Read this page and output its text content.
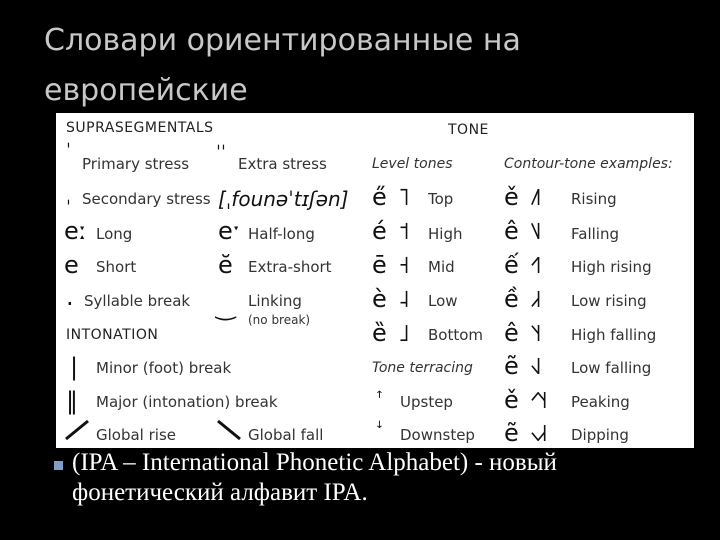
Словари ориентированные на европейские
SUPRASEGMENTALS
ˈ
Primary stress
ˌ Secondary stress
eː Long
e Short
. Syllable break
ˈˈ
Extra stress
[ˌfounəˈtɪʃən]
eˑ Half-long
ĕ Extra-short
‿ Linking
(no break)
INTONATION
| Minor (foot) break
‖ Major (intonation) break
Global rise	Global fall
TONE
Level tones	Contour-tone examples:
e̋ ˥ Top
é ˦ High
ē ˧ Mid
è ˨ Low
ȅ ˩ Bottom
Tone terracing
ꜛ Upstep
ꜜ Downstep
ě ˩˥ Rising
ê ˥˩ Falling
ế ˧˥ High rising
ề ˩˧ Low rising
ê ˥˧ High falling
ẽ ˧˩ Low falling
ě ˧˥˧ Peaking
ẽ ˧˩˧ Dipping
(IPA – International Phonetic Alphabet) - новый фонетический алфавит IPA.
